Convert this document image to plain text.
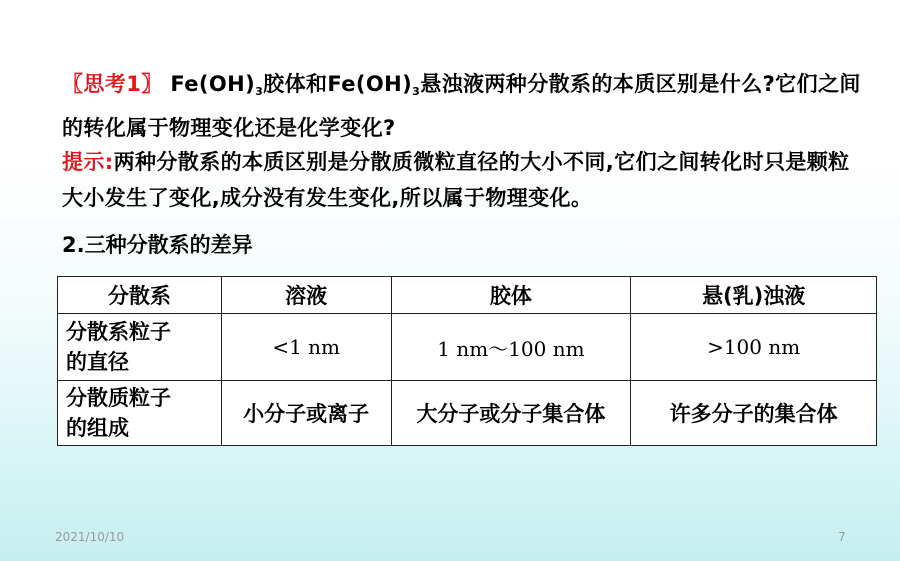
〖思考1〗 $Fe(OH)_3$胶体和$Fe(OH)_3$悬浊液两种分散系的本质区别是什么?它们之间的转化属于物理变化还是化学变化?
提示:两种分散系的本质区别是分散质微粒直径的大小不同,它们之间转化时只是颗粒大小发生了变化,成分没有发生变化,所以属于物理变化。
2.三种分散系的差异
分散系	溶液	胶体	悬(乳)浊液

分散系粒子
的直径	<1 nm	1 nm～100 nm	>100 nm

分散质粒子
的组成	小分子或离子	大分子或分子集合体	许多分子的集合体
2021/10/10	7
